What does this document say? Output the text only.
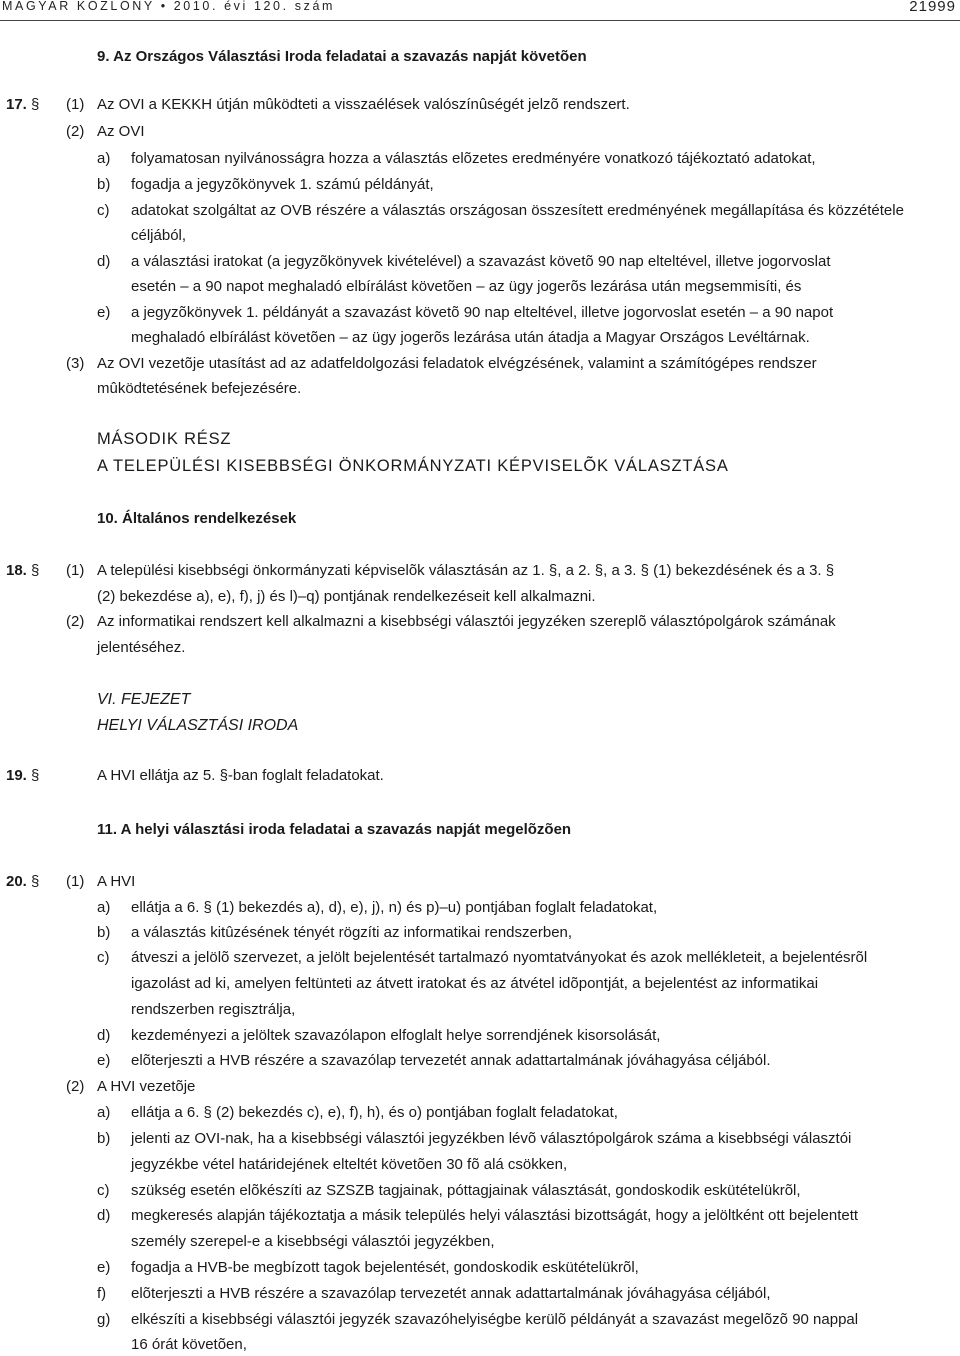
MAGYAR KÖZLÖNY • 2010. évi 120. szám	21999
9. Az Országos Választási Iroda feladatai a szavazás napját követõen
17. § (1) Az OVI a KEKKH útján mûködteti a visszaélések valószínûségét jelzõ rendszert.
(2) Az OVI
a) folyamatosan nyilvánosságra hozza a választás elõzetes eredményére vonatkozó tájékoztató adatokat,
b) fogadja a jegyzõkönyvek 1. számú példányát,
c) adatokat szolgáltat az OVB részére a választás országosan összesített eredményének megállapítása és közzététele
céljából,
d) a választási iratokat (a jegyzõkönyvek kivételével) a szavazást követõ 90 nap elteltével, illetve jogorvoslat
esetén – a 90 napot meghaladó elbírálást követõen – az ügy jogerõs lezárása után megsemmisíti, és
e) a jegyzõkönyvek 1. példányát a szavazást követõ 90 nap elteltével, illetve jogorvoslat esetén – a 90 napot
meghaladó elbírálást követõen – az ügy jogerõs lezárása után átadja a Magyar Országos Levéltárnak.
(3) Az OVI vezetõje utasítást ad az adatfeldolgozási feladatok elvégzésének, valamint a számítógépes rendszer
mûködtetésének befejezésére.
MÁSODIK RÉSZ
A TELEPÜLÉSI KISEBBSÉGI ÖNKORMÁNYZATI KÉPVISELÕK VÁLASZTÁSA
10. Általános rendelkezések
18. § (1) A települési kisebbségi önkormányzati képviselõk választásán az 1. §, a 2. §, a 3. § (1) bekezdésének és a 3. §
(2) bekezdése a), e), f), j) és l)–q) pontjának rendelkezéseit kell alkalmazni.
(2) Az informatikai rendszert kell alkalmazni a kisebbségi választói jegyzéken szereplõ választópolgárok számának
jelentéséhez.
VI. FEJEZET
HELYI VÁLASZTÁSI IRODA
19. §	A HVI ellátja az 5. §-ban foglalt feladatokat.
11. A helyi választási iroda feladatai a szavazás napját megelõzõen
20. § (1) A HVI
a) ellátja a 6. § (1) bekezdés a), d), e), j), n) és p)–u) pontjában foglalt feladatokat,
b) a választás kitûzésének tényét rögzíti az informatikai rendszerben,
c) átveszi a jelölõ szervezet, a jelölt bejelentését tartalmazó nyomtatványokat és azok mellékleteit, a bejelentésrõl
igazolást ad ki, amelyen feltünteti az átvett iratokat és az átvétel idõpontját, a bejelentést az informatikai
rendszerben regisztrálja,
d) kezdeményezi a jelöltek szavazólapon elfoglalt helye sorrendjének kisorsolását,
e) elõterjeszti a HVB részére a szavazólap tervezetét annak adattartalmának jóváhagyása céljából.
(2) A HVI vezetõje
a) ellátja a 6. § (2) bekezdés c), e), f), h), és o) pontjában foglalt feladatokat,
b) jelenti az OVI-nak, ha a kisebbségi választói jegyzékben lévõ választópolgárok száma a kisebbségi választói
jegyzékbe vétel határidejének elteltét követõen 30 fõ alá csökken,
c) szükség esetén elõkészíti az SZSZB tagjainak, póttagjainak választását, gondoskodik eskütételükrõl,
d) megkeresés alapján tájékoztatja a másik település helyi választási bizottságát, hogy a jelöltként ott bejelentett
személy szerepel-e a kisebbségi választói jegyzékben,
e) fogadja a HVB-be megbízott tagok bejelentését, gondoskodik eskütételükrõl,
f) elõterjeszti a HVB részére a szavazólap tervezetét annak adattartalmának jóváhagyása céljából,
g) elkészíti a kisebbségi választói jegyzék szavazóhelyiségbe kerülõ példányát a szavazást megelõzõ 90 nappal
16 órát követõen,
